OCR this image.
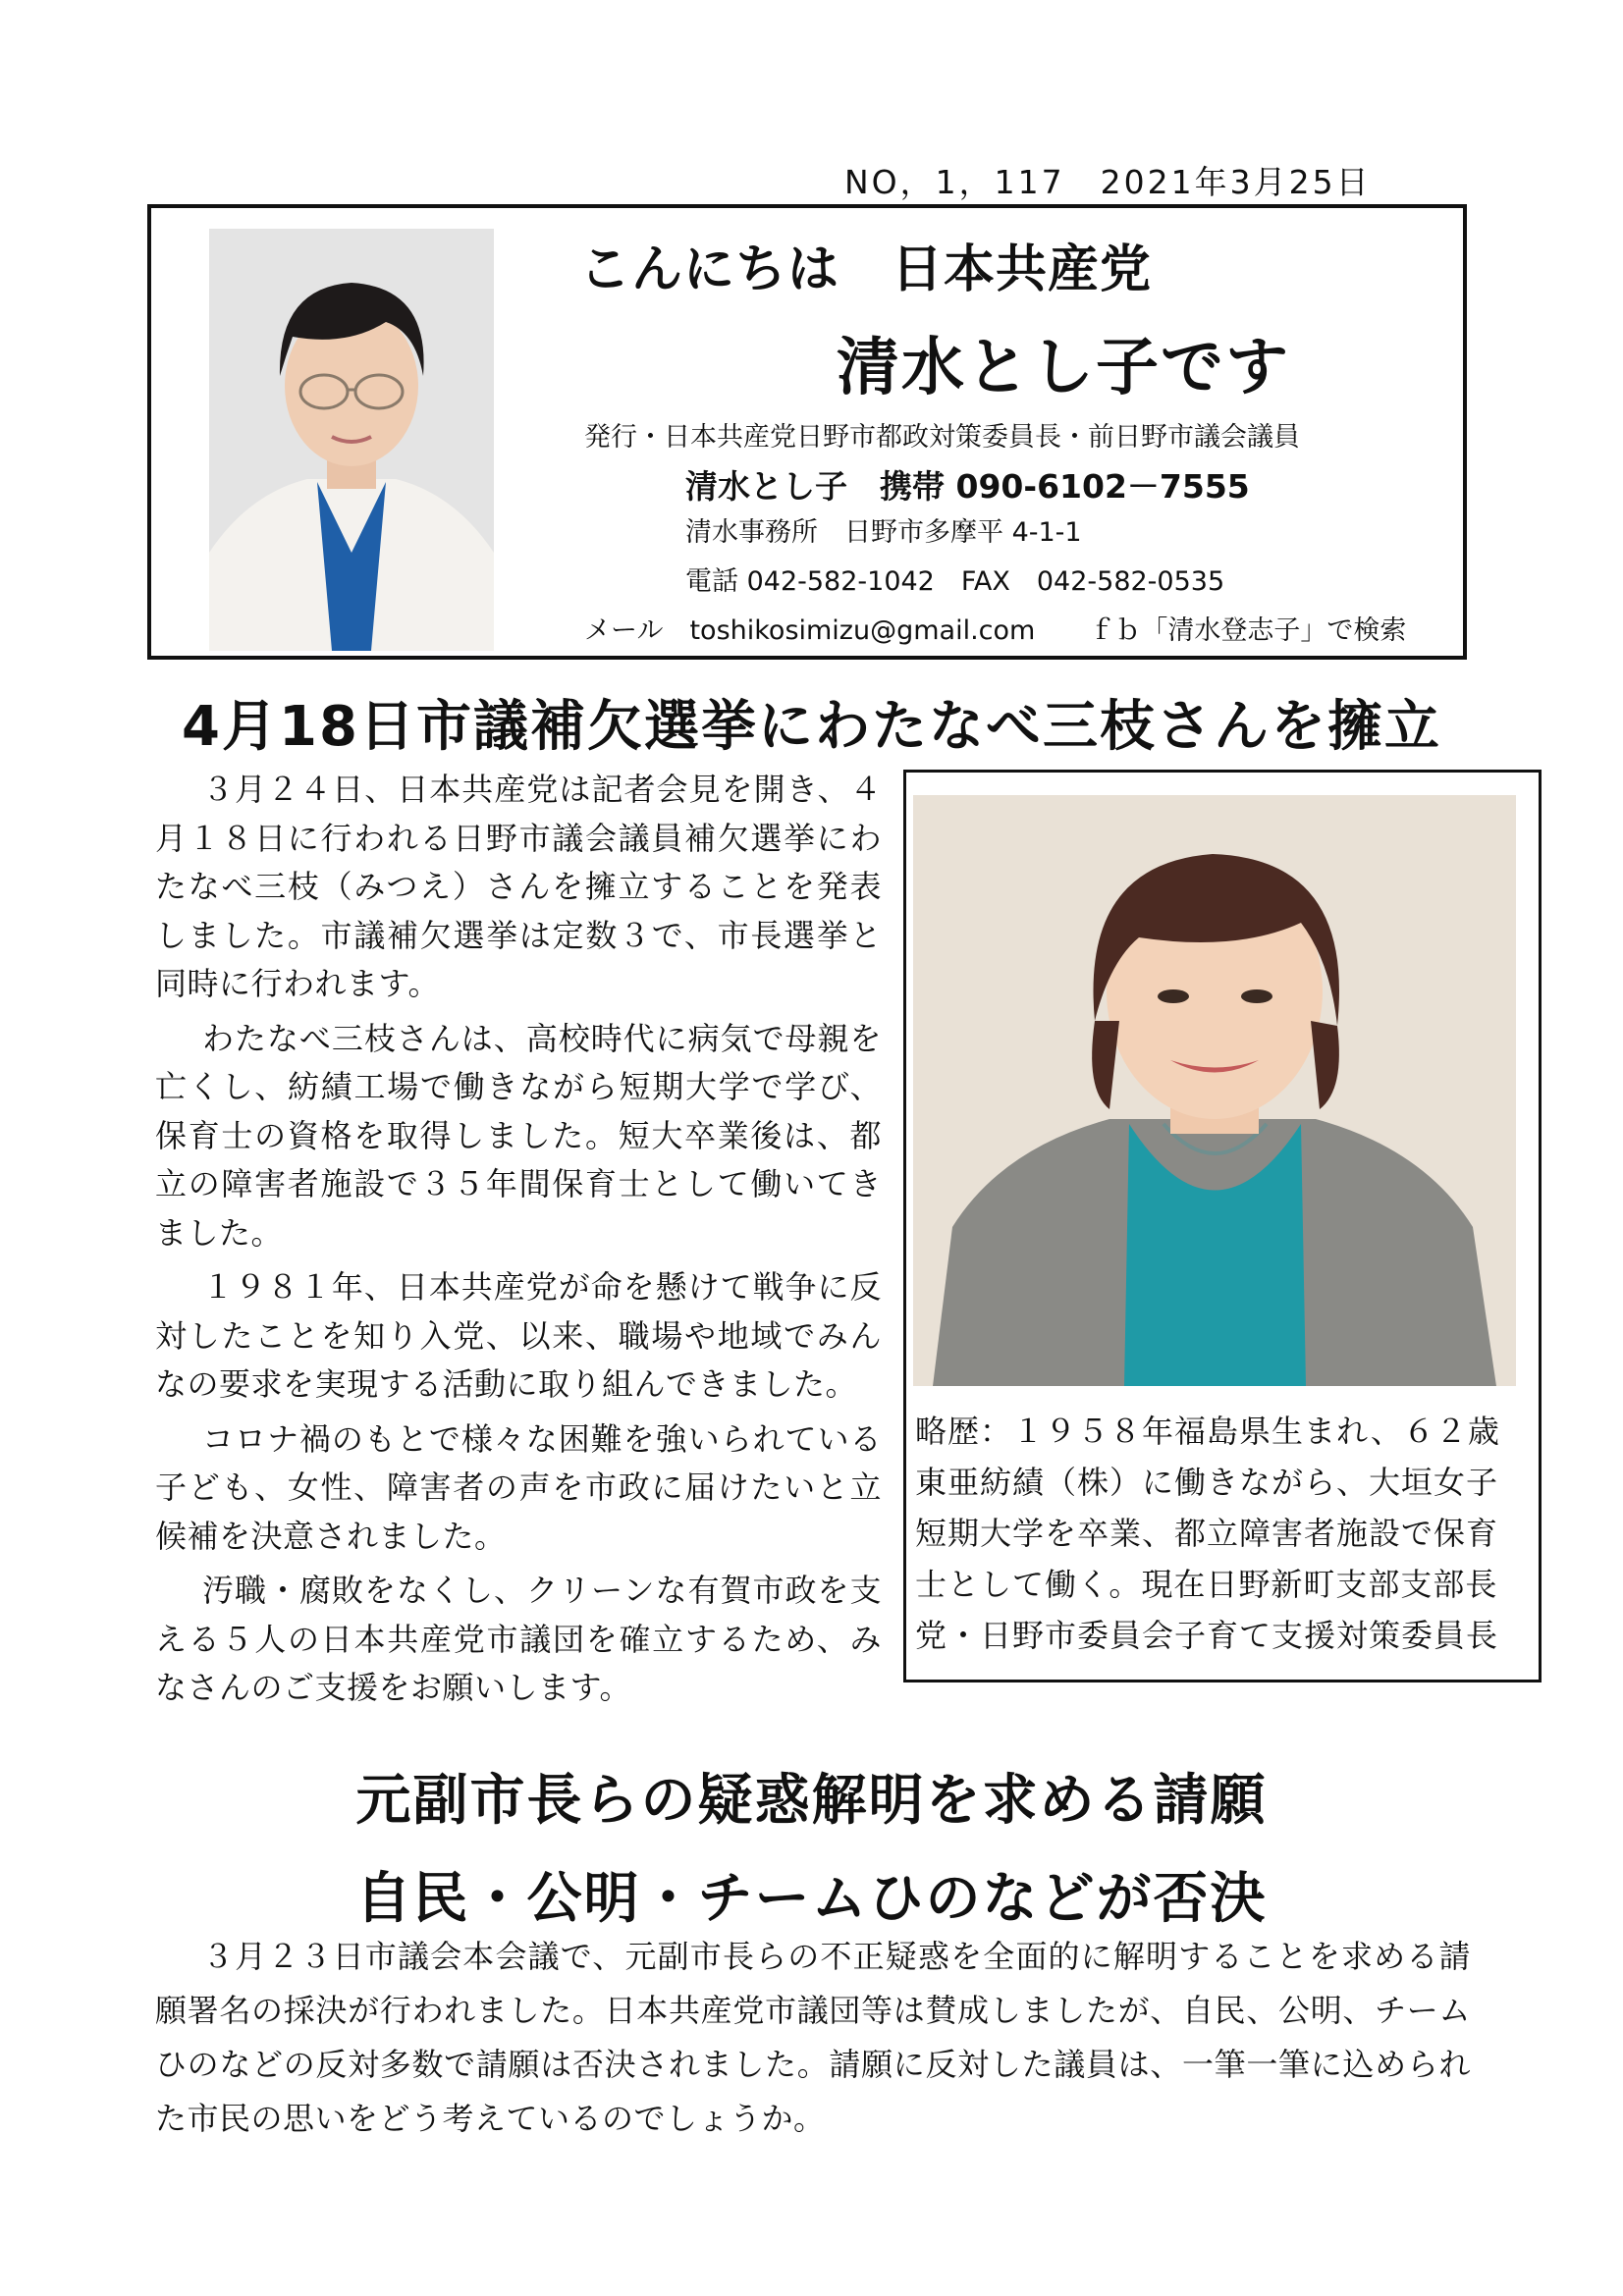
NO，1，117　2021年3月25日
こんにちは　日本共産党
清水とし子です
発行・日本共産党日野市都政対策委員長・前日野市議会議員
清水とし子　携帯 090-6102－7555
清水事務所　日野市多摩平 4-1-1
電話 042-582-1042　FAX　042-582-0535
メール　toshikosimizu@gmail.com　　ｆｂ「清水登志子」で検索
4月18日市議補欠選挙にわたなべ三枝さんを擁立

３月２４日、日本共産党は記者会見を開き、４月１８日に行われる日野市議会議員補欠選挙にわたなべ三枝（みつえ）さんを擁立することを発表しました。市議補欠選挙は定数３で、市長選挙と同時に行われます。

わたなべ三枝さんは、高校時代に病気で母親を亡くし、紡績工場で働きながら短期大学で学び、保育士の資格を取得しました。短大卒業後は、都立の障害者施設で３５年間保育士として働いてきました。

１９８１年、日本共産党が命を懸けて戦争に反対したことを知り入党、以来、職場や地域でみんなの要求を実現する活動に取り組んできました。

コロナ禍のもとで様々な困難を強いられている子ども、女性、障害者の声を市政に届けたいと立候補を決意されました。

汚職・腐敗をなくし、クリーンな有賀市政を支える５人の日本共産党市議団を確立するため、みなさんのご支援をお願いします。

略歴：１９５８年福島県生まれ、６２歳
東亜紡績（株）に働きながら、大垣女子
短期大学を卒業、都立障害者施設で保育
士として働く。現在日野新町支部支部長
党・日野市委員会子育て支援対策委員長
元副市長らの疑惑解明を求める請願
自民・公明・チームひのなどが否決

３月２３日市議会本会議で、元副市長らの不正疑惑を全面的に解明することを求める請願署名の採決が行われました。日本共産党市議団等は賛成しましたが、自民、公明、チームひのなどの反対多数で請願は否決されました。請願に反対した議員は、一筆一筆に込められた市民の思いをどう考えているのでしょうか。
